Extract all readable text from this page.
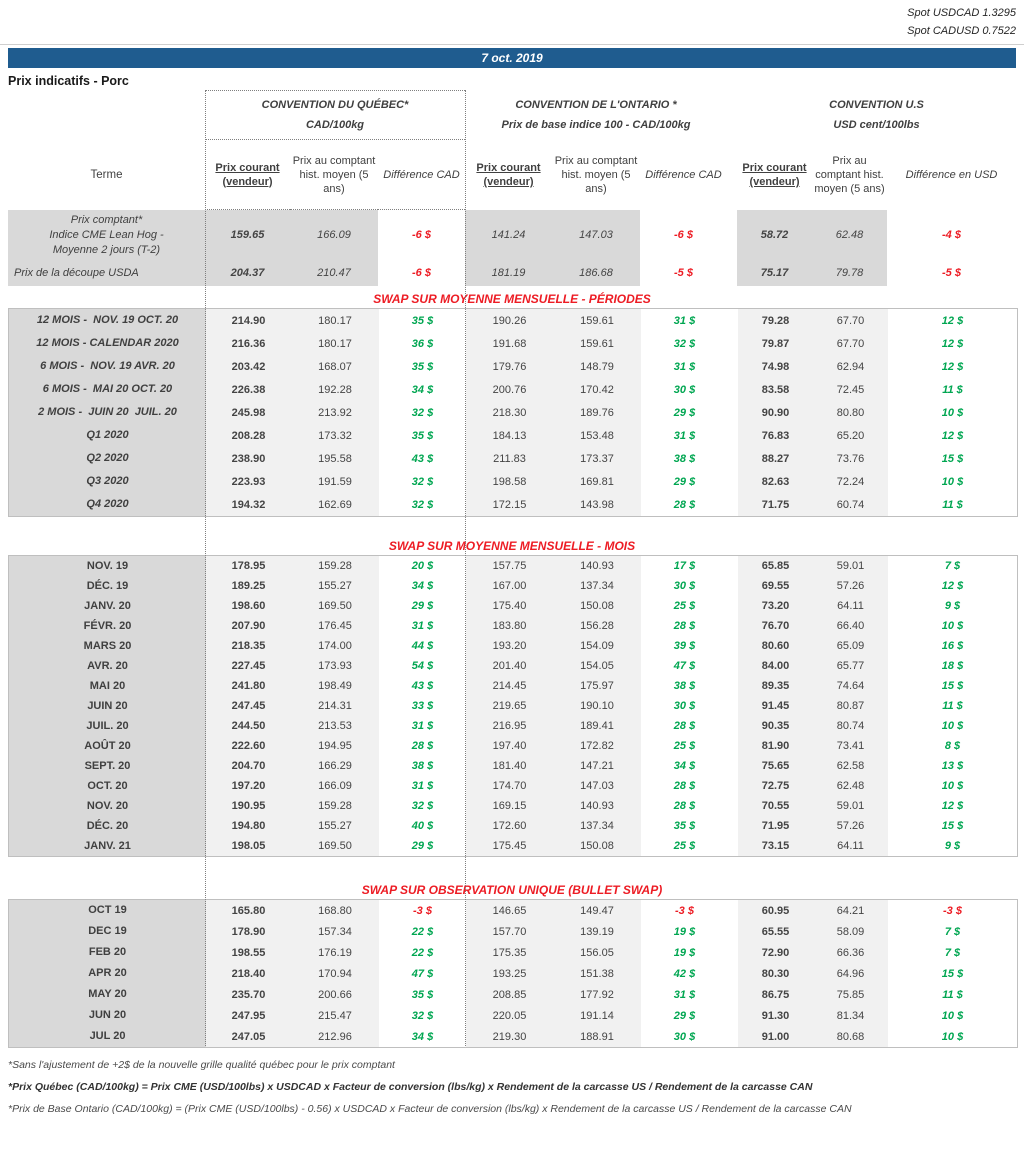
Spot USDCAD 1.3295
Spot CADUSD 0.7522
7 oct. 2019
Prix indicatifs - Porc
Terme
CONVENTION DU QUÉBEC*
CAD/100kg
CONVENTION DE L'ONTARIO *
Prix de base indice 100 - CAD/100kg
CONVENTION U.S
USD cent/100lbs
Prix courant (vendeur)
Prix au comptant hist. moyen (5 ans)
Différence CAD
Prix courant (vendeur)
Prix au comptant hist. moyen (5 ans)
Différence CAD
Prix courant (vendeur)
Prix au comptant hist. moyen (5 ans)
Différence en USD
Prix comptant*
Indice CME Lean Hog -
Moyenne 2 jours (T-2)
159.65	166.09	-6 $	141.24	147.03	-6 $	58.72	62.48	-4 $
Prix de la découpe USDA	204.37	210.47	-6 $	181.19	186.68	-5 $	75.17	79.78	-5 $
SWAP SUR MOYENNE MENSUELLE - PÉRIODES
12 MOIS -  NOV. 19 OCT. 20	214.90	180.17	35 $	190.26	159.61	31 $	79.28	67.70	12 $
12 MOIS - CALENDAR 2020	216.36	180.17	36 $	191.68	159.61	32 $	79.87	67.70	12 $
6 MOIS -  NOV. 19 AVR. 20	203.42	168.07	35 $	179.76	148.79	31 $	74.98	62.94	12 $
6 MOIS -  MAI 20 OCT. 20	226.38	192.28	34 $	200.76	170.42	30 $	83.58	72.45	11 $
2 MOIS -  JUIN 20  JUIL. 20	245.98	213.92	32 $	218.30	189.76	29 $	90.90	80.80	10 $
Q1 2020	208.28	173.32	35 $	184.13	153.48	31 $	76.83	65.20	12 $
Q2 2020	238.90	195.58	43 $	211.83	173.37	38 $	88.27	73.76	15 $
Q3 2020	223.93	191.59	32 $	198.58	169.81	29 $	82.63	72.24	10 $
Q4 2020	194.32	162.69	32 $	172.15	143.98	28 $	71.75	60.74	11 $
SWAP SUR MOYENNE MENSUELLE - MOIS
NOV. 19	178.95	159.28	20 $	157.75	140.93	17 $	65.85	59.01	7 $
DÉC. 19	189.25	155.27	34 $	167.00	137.34	30 $	69.55	57.26	12 $
JANV. 20	198.60	169.50	29 $	175.40	150.08	25 $	73.20	64.11	9 $
FÉVR. 20	207.90	176.45	31 $	183.80	156.28	28 $	76.70	66.40	10 $
MARS 20	218.35	174.00	44 $	193.20	154.09	39 $	80.60	65.09	16 $
AVR. 20	227.45	173.93	54 $	201.40	154.05	47 $	84.00	65.77	18 $
MAI 20	241.80	198.49	43 $	214.45	175.97	38 $	89.35	74.64	15 $
JUIN 20	247.45	214.31	33 $	219.65	190.10	30 $	91.45	80.87	11 $
JUIL. 20	244.50	213.53	31 $	216.95	189.41	28 $	90.35	80.74	10 $
AOÛT 20	222.60	194.95	28 $	197.40	172.82	25 $	81.90	73.41	8 $
SEPT. 20	204.70	166.29	38 $	181.40	147.21	34 $	75.65	62.58	13 $
OCT. 20	197.20	166.09	31 $	174.70	147.03	28 $	72.75	62.48	10 $
NOV. 20	190.95	159.28	32 $	169.15	140.93	28 $	70.55	59.01	12 $
DÉC. 20	194.80	155.27	40 $	172.60	137.34	35 $	71.95	57.26	15 $
JANV. 21	198.05	169.50	29 $	175.45	150.08	25 $	73.15	64.11	9 $
SWAP SUR OBSERVATION UNIQUE (BULLET SWAP)
OCT 19	165.80	168.80	-3 $	146.65	149.47	-3 $	60.95	64.21	-3 $
DEC 19	178.90	157.34	22 $	157.70	139.19	19 $	65.55	58.09	7 $
FEB 20	198.55	176.19	22 $	175.35	156.05	19 $	72.90	66.36	7 $
APR 20	218.40	170.94	47 $	193.25	151.38	42 $	80.30	64.96	15 $
MAY 20	235.70	200.66	35 $	208.85	177.92	31 $	86.75	75.85	11 $
JUN 20	247.95	215.47	32 $	220.05	191.14	29 $	91.30	81.34	10 $
JUL 20	247.05	212.96	34 $	219.30	188.91	30 $	91.00	80.68	10 $
*Sans l'ajustement de +2$ de la nouvelle grille qualité québec pour le prix comptant
*Prix Québec (CAD/100kg) = Prix CME (USD/100lbs) x USDCAD x Facteur de conversion (lbs/kg) x Rendement de la carcasse US / Rendement de la carcasse CAN
*Prix de Base Ontario (CAD/100kg) = (Prix CME (USD/100lbs) - 0.56) x USDCAD x Facteur de conversion (lbs/kg) x Rendement de la carcasse US / Rendement de la carcasse CAN
